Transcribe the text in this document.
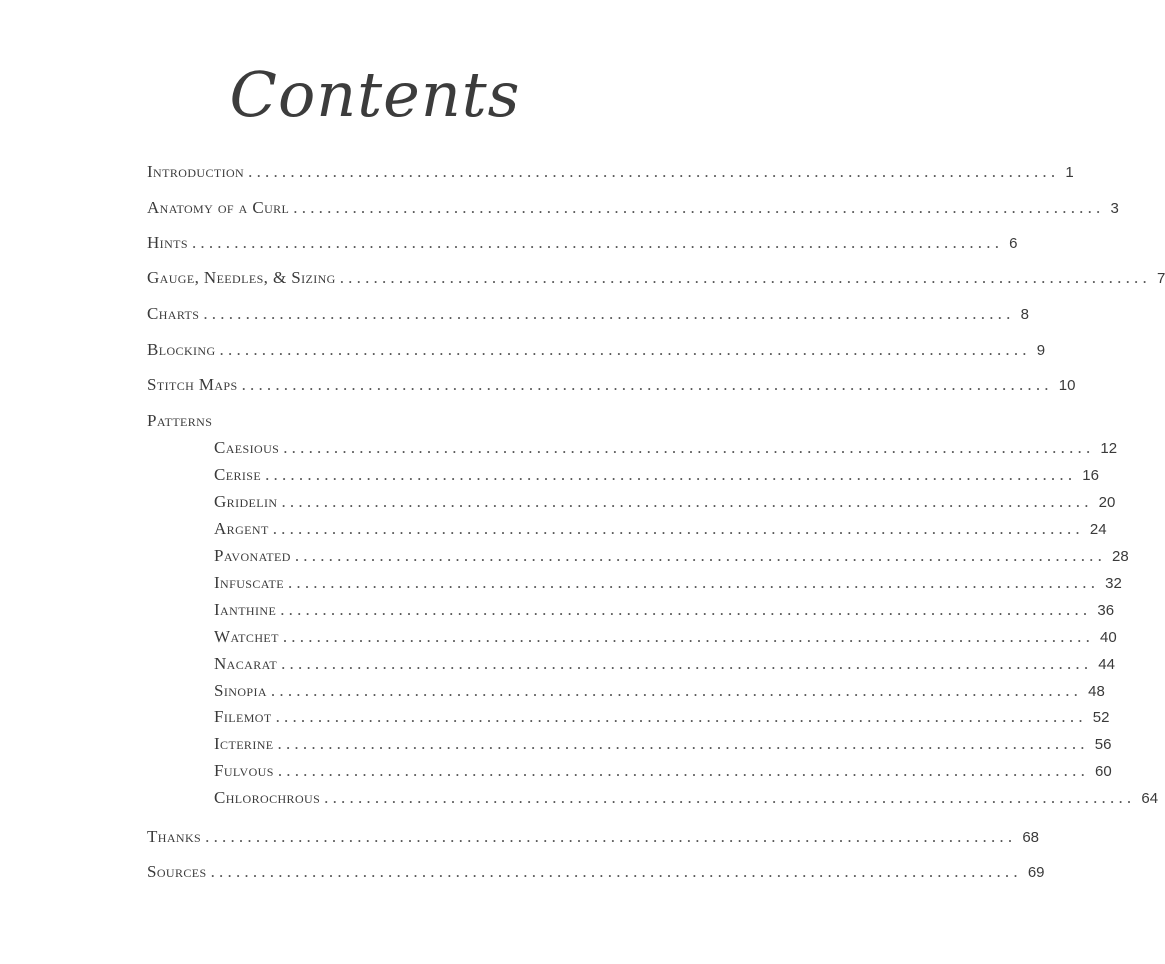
Contents
Introduction ................................................................................................ 1
Anatomy of a Curl ................................................................................................ 3
Hints ................................................................................................ 6
Gauge, Needles, & Sizing ................................................................................................ 7
Charts ................................................................................................ 8
Blocking ................................................................................................ 9
Stitch Maps ................................................................................................ 10
Patterns
Caesious ................................................................................................ 12
Cerise ................................................................................................ 16
Gridelin ................................................................................................ 20
Argent ................................................................................................ 24
Pavonated ................................................................................................ 28
Infuscate ................................................................................................ 32
Ianthine ................................................................................................ 36
Watchet ................................................................................................ 40
Nacarat ................................................................................................ 44
Sinopia ................................................................................................ 48
Filemot ................................................................................................ 52
Icterine ................................................................................................ 56
Fulvous ................................................................................................ 60
Chlorochrous ................................................................................................ 64
Thanks ................................................................................................ 68
Sources ................................................................................................ 69
